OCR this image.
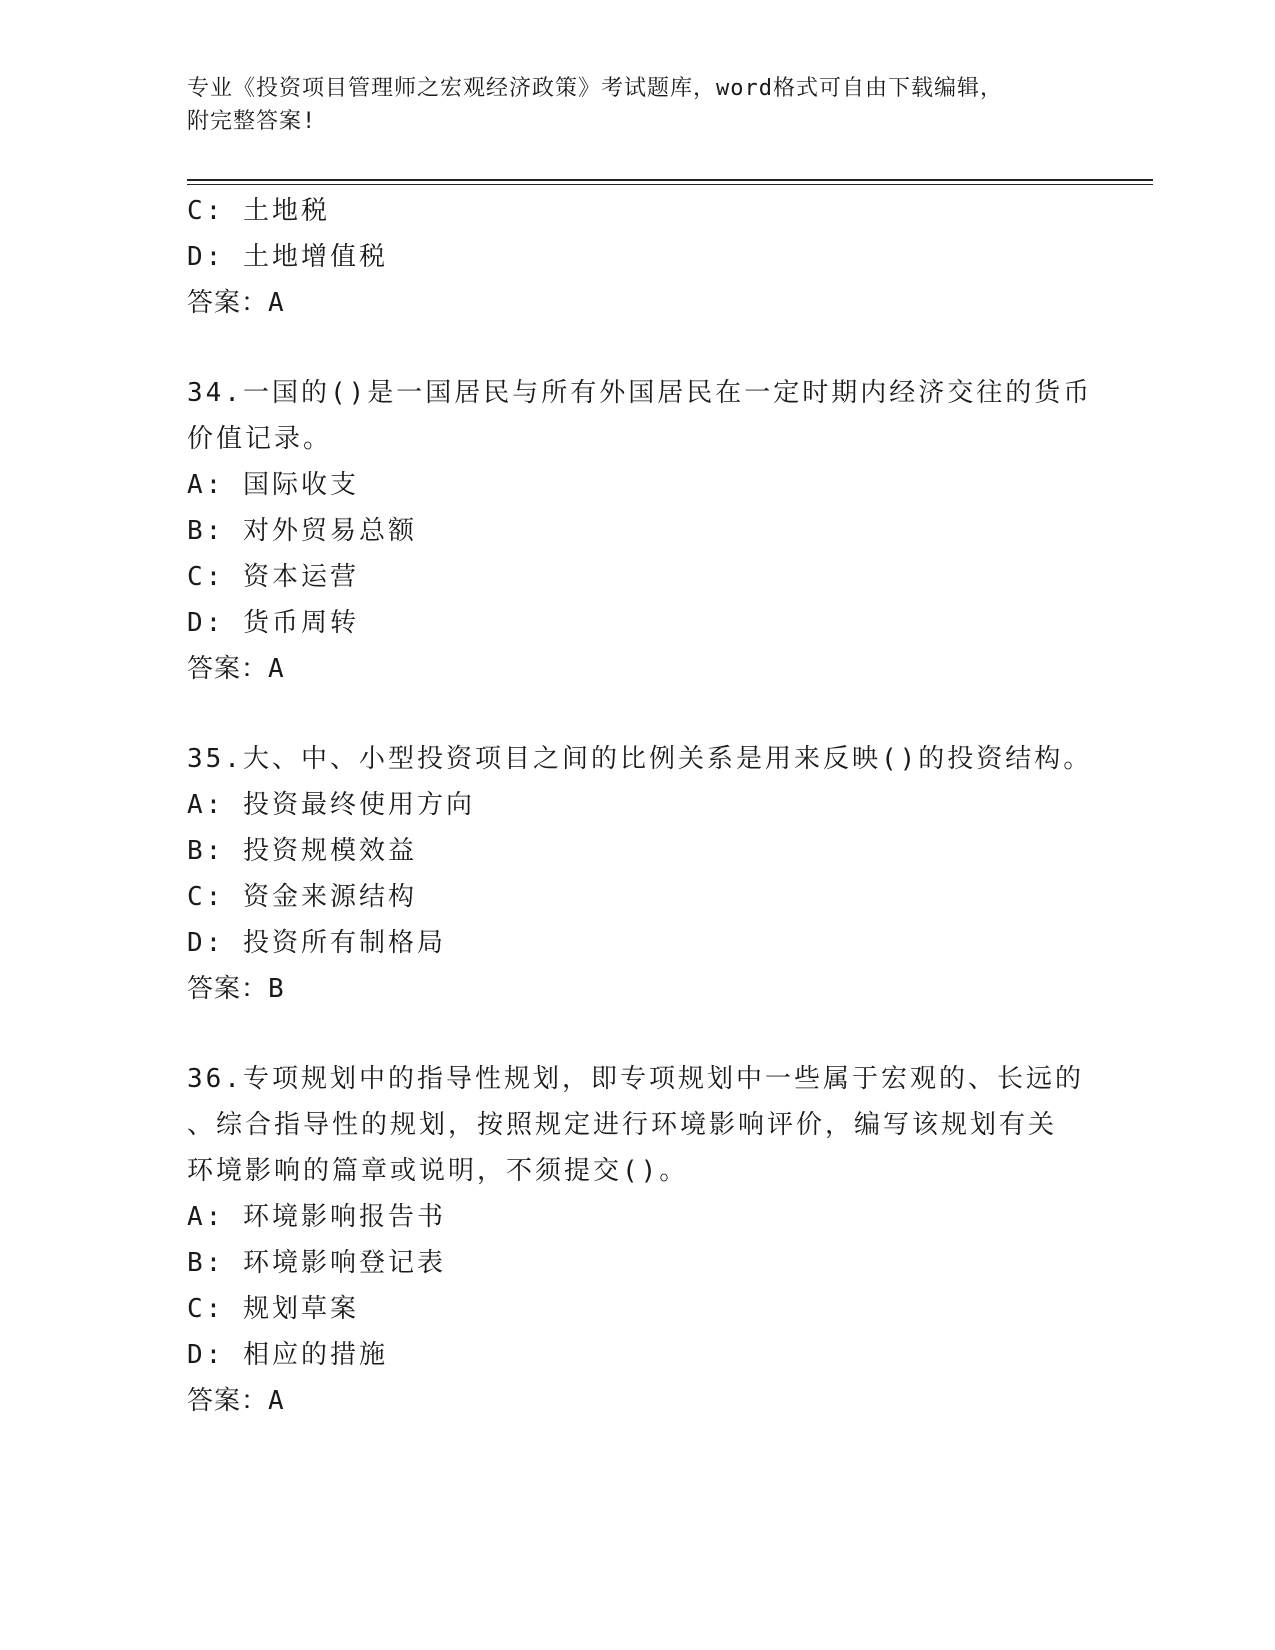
专业《投资项目管理师之宏观经济政策》考试题库，word格式可自由下载编辑，
附完整答案!
C: 土地税
D: 土地增值税
答案：A
34.一国的()是一国居民与所有外国居民在一定时期内经济交往的货币
价值记录。
A: 国际收支
B: 对外贸易总额
C: 资本运营
D: 货币周转
答案：A
35.大、中、小型投资项目之间的比例关系是用来反映()的投资结构。
A: 投资最终使用方向
B: 投资规模效益
C: 资金来源结构
D: 投资所有制格局
答案：B
36.专项规划中的指导性规划，即专项规划中一些属于宏观的、长远的
、综合指导性的规划，按照规定进行环境影响评价，编写该规划有关
环境影响的篇章或说明，不须提交()。
A: 环境影响报告书
B: 环境影响登记表
C: 规划草案
D: 相应的措施
答案：A
